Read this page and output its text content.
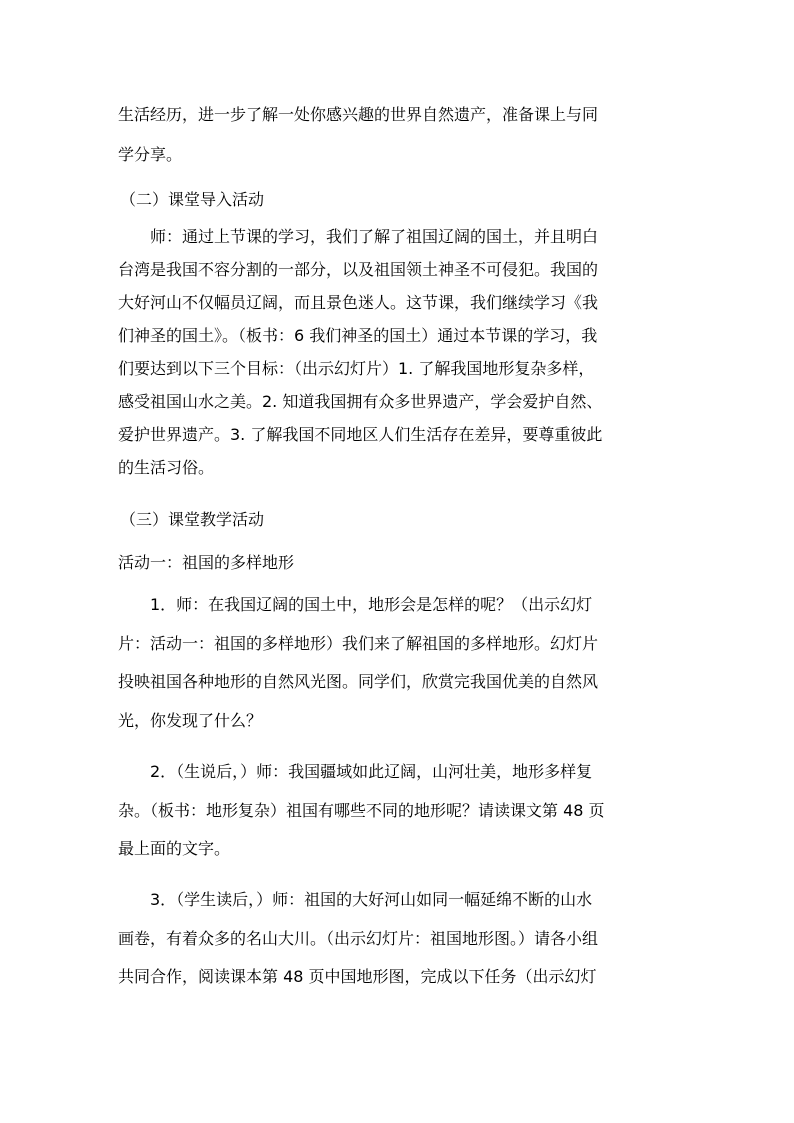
生活经历，进一步了解一处你感兴趣的世界自然遗产，准备课上与同

学分享。

（二）课堂导入活动

师：通过上节课的学习，我们了解了祖国辽阔的国土，并且明白

台湾是我国不容分割的一部分，以及祖国领土神圣不可侵犯。我国的

大好河山不仅幅员辽阔，而且景色迷人。这节课，我们继续学习《我

们神圣的国土》。（板书：6 我们神圣的国土）通过本节课的学习，我

们要达到以下三个目标：（出示幻灯片）1. 了解我国地形复杂多样，

感受祖国山水之美。2. 知道我国拥有众多世界遗产，学会爱护自然、

爱护世界遗产。3. 了解我国不同地区人们生活存在差异，要尊重彼此

的生活习俗。

（三）课堂教学活动

活动一：祖国的多样地形

1．师：在我国辽阔的国土中，地形会是怎样的呢？（出示幻灯

片：活动一：祖国的多样地形）我们来了解祖国的多样地形。幻灯片

投映祖国各种地形的自然风光图。同学们，欣赏完我国优美的自然风

光，你发现了什么？

2．（生说后，）师：我国疆域如此辽阔，山河壮美，地形多样复

杂。（板书：地形复杂）祖国有哪些不同的地形呢？请读课文第 48 页

最上面的文字。

3．（学生读后，）师：祖国的大好河山如同一幅延绵不断的山水

画卷，有着众多的名山大川。（出示幻灯片：祖国地形图。）请各小组

共同合作，阅读课本第 48 页中国地形图，完成以下任务（出示幻灯
